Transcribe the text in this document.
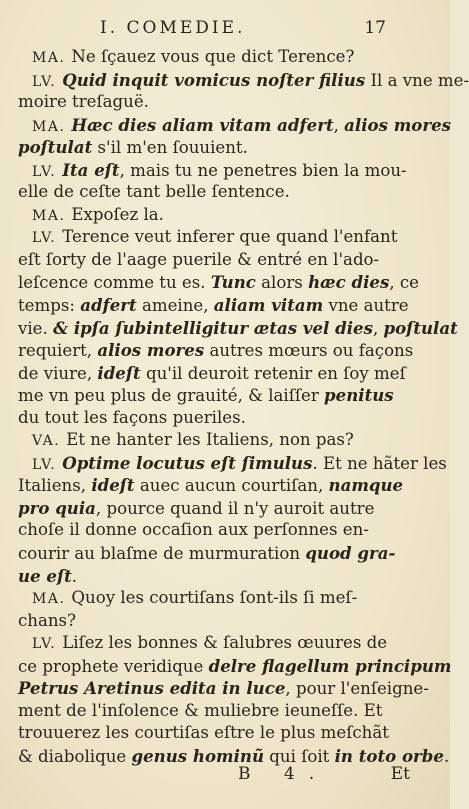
I. COMEDIE.	17
MA. Ne ſçauez vous que dict Terence?
LV. Quid inquit vomicus noſter filius Il a vne me-
moire treſaguë.
MA. Hæc dies aliam vitam adfert, alios mores
poſtulat s'il m'en ſouuient.
LV. Ita eſt, mais tu ne penetres bien la mou-
elle de ceſte tant belle ſentence.
MA. Expoſez la.
LV. Terence veut inferer que quand l'enfant
eſt ſorty de l'aage puerile & entré en l'ado-
leſcence comme tu es. Tunc alors hæc dies, ce
temps: adfert ameine, aliam vitam vne autre
vie. & ipſa ſubintelligitur ætas vel dies, poſtulat
requiert, alios mores autres mœurs ou façons
de viure, ideſt qu'il deuroit retenir en ſoy meſ
me vn peu plus de grauité, & laiſſer penitus
du tout les façons pueriles.
VA. Et ne hanter les Italiens, non pas?
LV. Optime locutus eſt ſimulus. Et ne hãter les
Italiens, ideſt auec aucun courtiſan, namque
pro quia, pource quand il n'y auroit autre
choſe il donne occaſion aux perſonnes en-
courir au blaſme de murmuration quod gra-
ue eſt.
MA. Quoy les courtiſans ſont-ils ſi meſ-
chans?
LV. Liſez les bonnes & ſalubres œuures de
ce prophete veridique delre flagellum principum
Petrus Aretinus edita in luce, pour l'enſeigne-
ment de l'inſolence & muliebre ieuneſſe. Et
trouuerez les courtiſas eſtre le plus meſchãt
& diabolique genus hominũ qui ſoit in toto orbe.
B 4.	Et
